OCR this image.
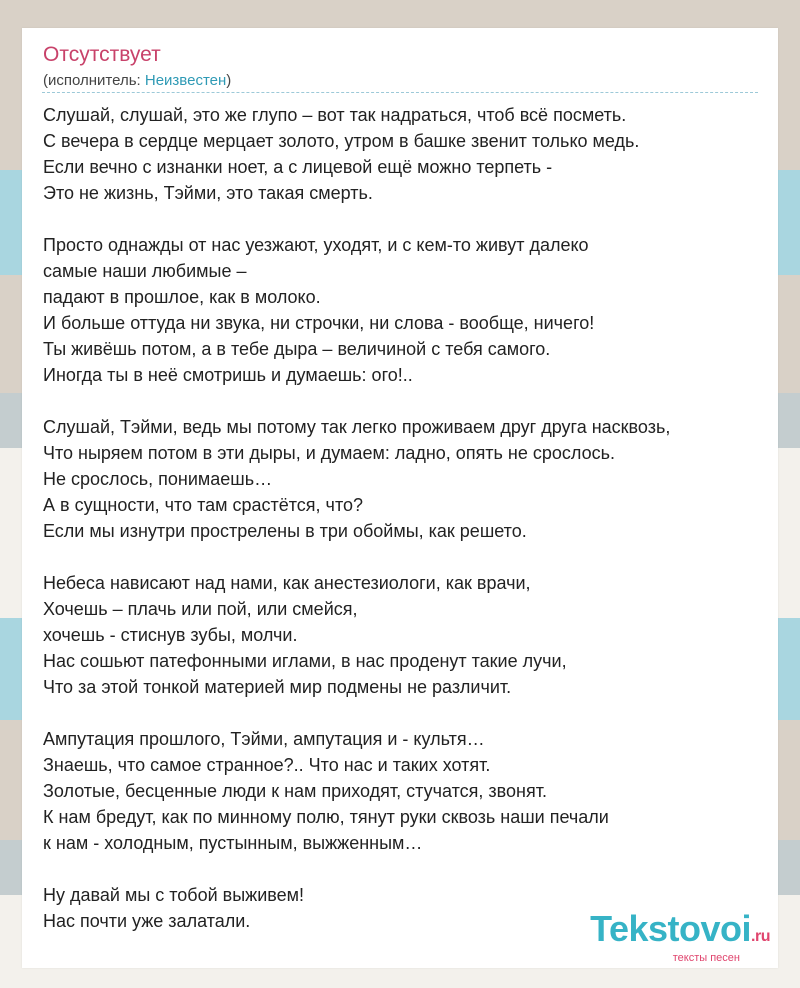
Отсутствует
(исполнитель: Неизвестен)
Слушай, слушай, это же глупо – вот так надраться, чтоб всё посметь.
С вечера в сердце мерцает золото, утром в башке звенит только медь.
Если вечно с изнанки ноет, а с лицевой ещё можно терпеть -
Это не жизнь, Тэйми, это такая смерть.
Просто однажды от нас уезжают, уходят, и с кем-то живут далеко
самые наши любимые –
падают в прошлое, как в молоко.
И больше оттуда ни звука, ни строчки, ни слова - вообще, ничего!
Ты живёшь потом, а в тебе дыра – величиной с тебя самого.
Иногда ты в неё смотришь и думаешь: ого!..
Слушай, Тэйми, ведь мы потому так легко проживаем друг друга насквозь,
Что ныряем потом в эти дыры, и думаем: ладно, опять не срослось.
Не срослось, понимаешь…
А в сущности, что там срастётся, что?
Если мы изнутри прострелены в три обоймы, как решето.
Небеса нависают над нами, как анестезиологи, как врачи,
Хочешь – плачь или пой, или смейся,
хочешь - стиснув зубы, молчи.
Нас сошьют патефонными иглами, в нас проденут такие лучи,
Что за этой тонкой материей мир подмены не различит.
Ампутация прошлого, Тэйми, ампутация и - культя…
Знаешь, что самое странное?.. Что нас и таких хотят.
Золотые, бесценные люди к нам приходят, стучатся, звонят.
К нам бредут, как по минному полю, тянут руки сквозь наши печали
к нам - холодным, пустынным, выжженным…
Ну давай мы с тобой выживем!
Нас почти уже залатали.	Tekstovoi.ru
тексты песен
